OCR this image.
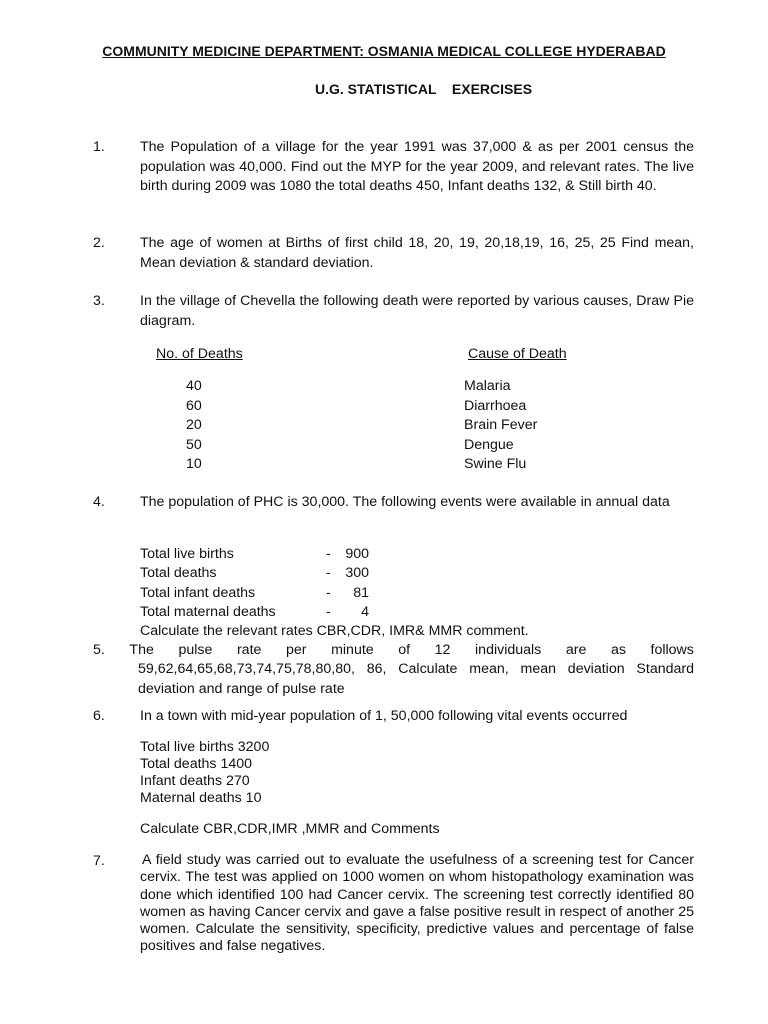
COMMUNITY MEDICINE DEPARTMENT: OSMANIA MEDICAL COLLEGE HYDERABAD
U.G. STATISTICAL    EXERCISES
1. The Population of a village for the year 1991 was 37,000 & as per 2001 census the population was 40,000. Find out the MYP for the year 2009, and relevant rates. The live birth during 2009 was 1080 the total deaths 450, Infant deaths 132, & Still birth 40.

2. The age of women at Births of first child 18, 20, 19, 20,18,19, 16, 25, 25 Find mean, Mean deviation & standard deviation.

3. In the village of Chevella the following death were reported by various causes, Draw Pie diagram.

No. of Deaths	Cause of Death
40	Malaria
60	Diarrhoea
20	Brain Fever
50	Dengue
10	Swine Flu
4. The population of PHC is 30,000. The following events were available in annual data

Total live births	-	900
Total deaths	-	300
Total infant deaths	-	81
Total maternal deaths	-	4
Calculate the relevant rates CBR,CDR, IMR& MMR comment.
5. The pulse rate per minute of 12 individuals are as follows

59,62,64,65,68,73,74,75,78,80,80, 86, Calculate mean, mean deviation Standard deviation and range of pulse rate

6. In a town with mid-year population of 1, 50,000 following vital events occurred

Total live births 3200
Total deaths 1400
Infant deaths 270
Maternal deaths 10
Calculate CBR,CDR,IMR ,MMR and Comments
7.	A field study was carried out to evaluate the usefulness of a screening test for Cancer cervix. The test was applied on 1000 women on whom histopathology examination was done which identified 100 had Cancer cervix. The screening test correctly identified 80 women as having Cancer cervix and gave a false positive result in respect of another 25 women. Calculate the sensitivity, specificity, predictive values and percentage of false positives and false negatives.
